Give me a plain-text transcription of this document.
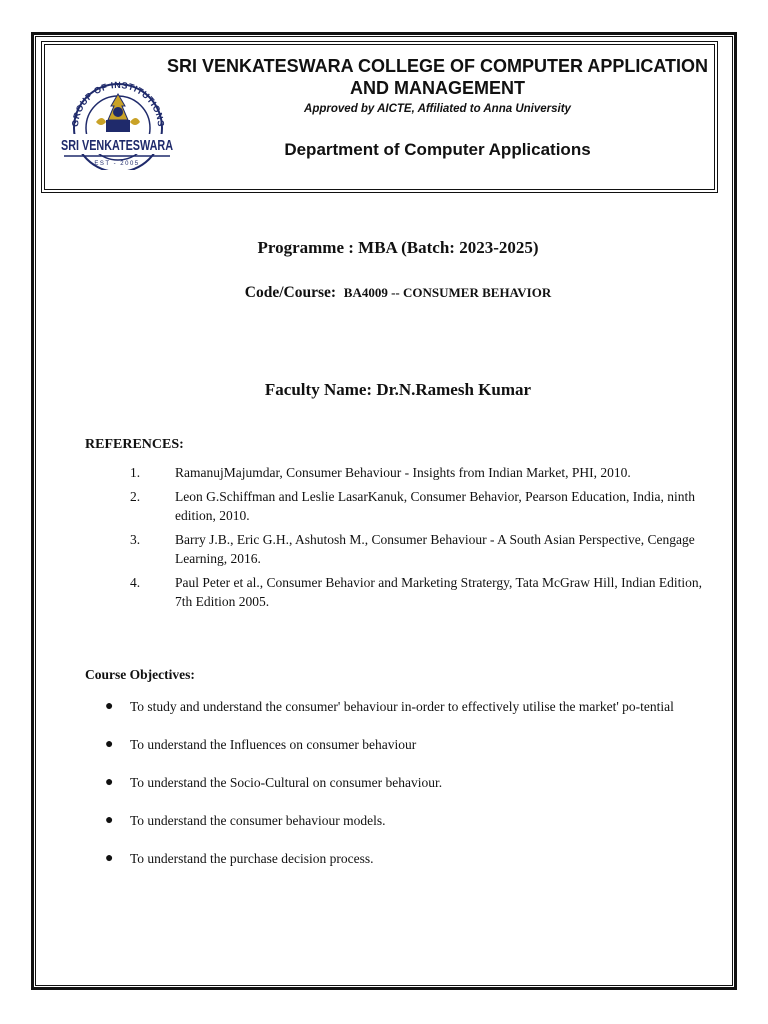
GROUP OF INSTITUTIONS
SRI VENKATESWARA
EST - 2005
SRI VENKATESWARA COLLEGE OF COMPUTER APPLICATION AND MANAGEMENT
Approved by AICTE, Affiliated to Anna University
Department of Computer Applications
Programme : MBA (Batch: 2023-2025)
Code/Course: BA4009 -- CONSUMER BEHAVIOR
Faculty Name: Dr.N.Ramesh Kumar
REFERENCES:
1.	RamanujMajumdar, Consumer Behaviour - Insights from Indian Market, PHI, 2010.
2.	Leon G.Schiffman and Leslie LasarKanuk, Consumer Behavior, Pearson Education, India, ninth edition, 2010.
3.	Barry J.B., Eric G.H., Ashutosh M., Consumer Behaviour - A South Asian Perspective, Cengage Learning, 2016.
4.	Paul Peter et al., Consumer Behavior and Marketing Stratergy, Tata McGraw Hill, Indian Edition, 7th Edition 2005.
Course Objectives:
● To study and understand the consumer' behaviour in-order to effectively utilise the market' po-tential
● To understand the Influences on consumer behaviour
● To understand the Socio-Cultural on consumer behaviour.
● To understand the consumer behaviour models.
● To understand the purchase decision process.
